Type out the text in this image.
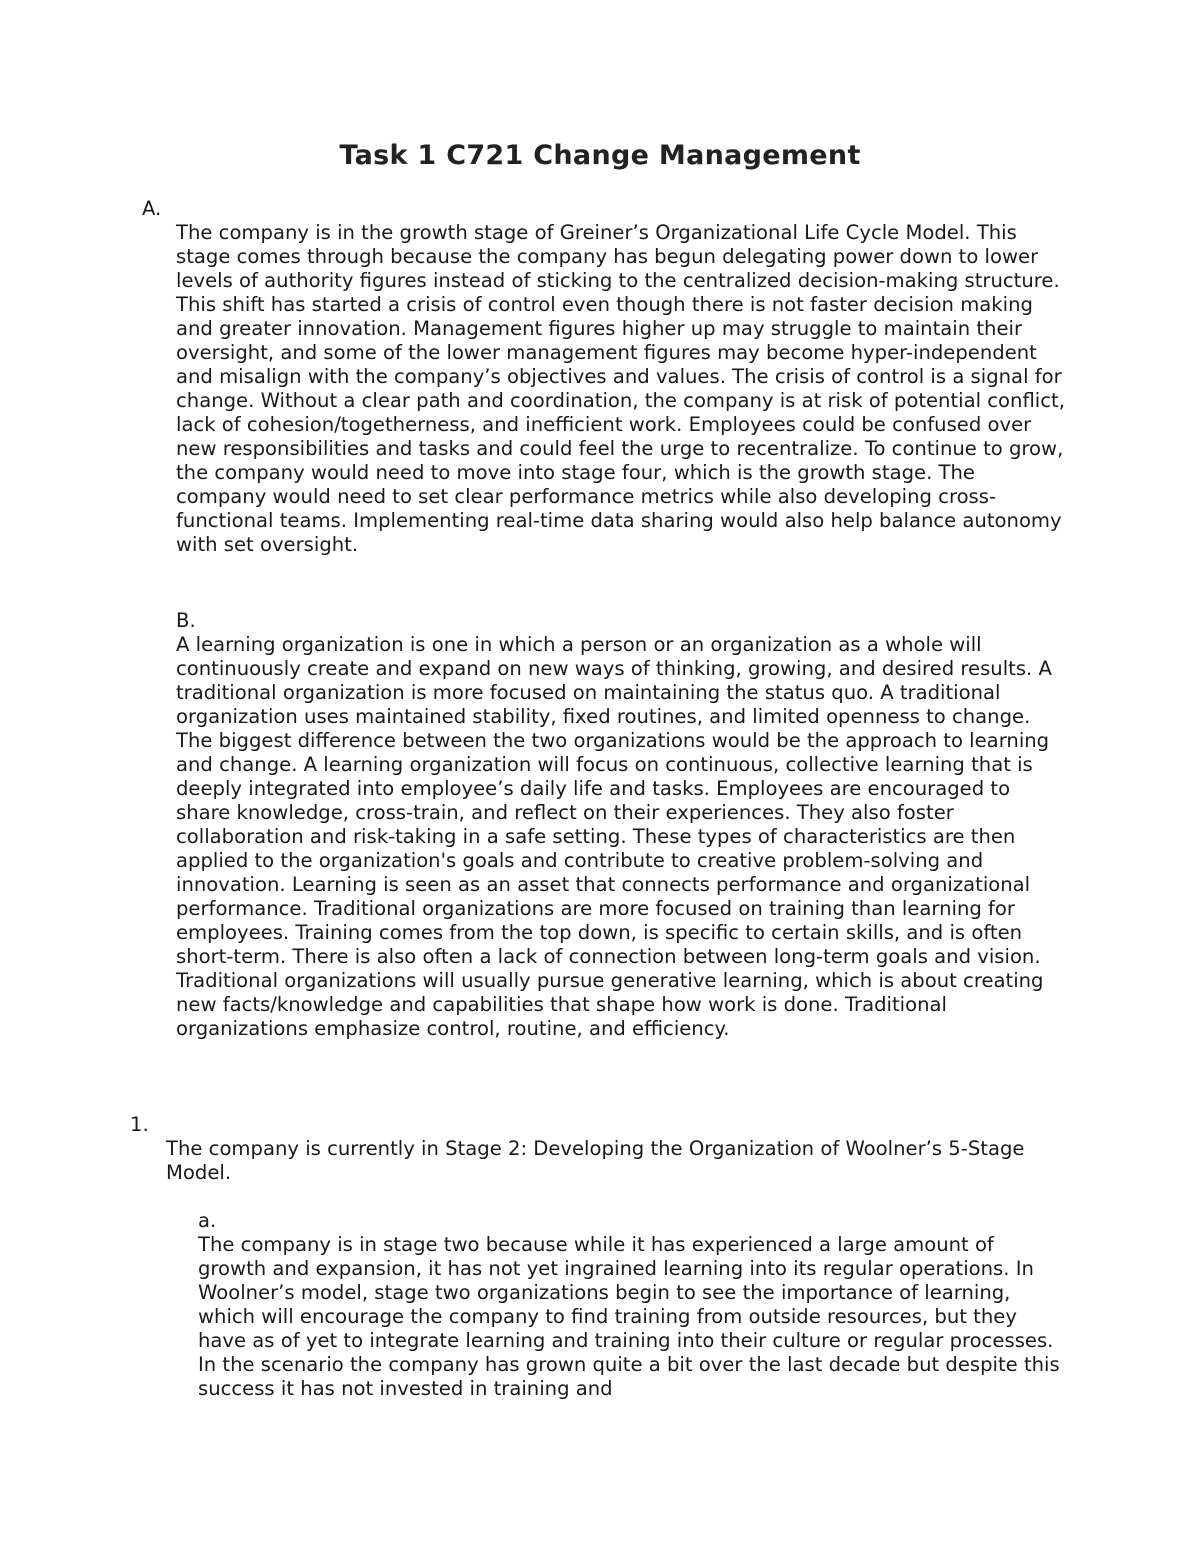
Task 1 C721 Change Management
A.

The company is in the growth stage of Greiner’s Organizational Life Cycle Model. This stage comes through because the company has begun delegating power down to lower levels of authority figures instead of sticking to the centralized decision-making structure. This shift has started a crisis of control even though there is not faster decision making and greater innovation. Management figures higher up may struggle to maintain their oversight, and some of the lower management figures may become hyper-independent and misalign with the company’s objectives and values. The crisis of control is a signal for change. Without a clear path and coordination, the company is at risk of potential conflict, lack of cohesion/togetherness, and inefficient work. Employees could be confused over new responsibilities and tasks and could feel the urge to recentralize. To continue to grow, the company would need to move into stage four, which is the growth stage. The company would need to set clear performance metrics while also developing cross-functional teams. Implementing real-time data sharing would also help balance autonomy with set oversight.

B.

A learning organization is one in which a person or an organization as a whole will continuously create and expand on new ways of thinking, growing, and desired results. A traditional organization is more focused on maintaining the status quo. A traditional organization uses maintained stability, fixed routines, and limited openness to change. The biggest difference between the two organizations would be the approach to learning and change. A learning organization will focus on continuous, collective learning that is deeply integrated into employee’s daily life and tasks. Employees are encouraged to share knowledge, cross-train, and reflect on their experiences. They also foster collaboration and risk-taking in a safe setting. These types of characteristics are then applied to the organization's goals and contribute to creative problem-solving and innovation. Learning is seen as an asset that connects performance and organizational performance. Traditional organizations are more focused on training than learning for employees. Training comes from the top down, is specific to certain skills, and is often short-term. There is also often a lack of connection between long-term goals and vision. Traditional organizations will usually pursue generative learning, which is about creating new facts/knowledge and capabilities that shape how work is done. Traditional organizations emphasize control, routine, and efficiency.

1.

The company is currently in Stage 2: Developing the Organization of Woolner’s 5-Stage Model.

a.

The company is in stage two because while it has experienced a large amount of growth and expansion, it has not yet ingrained learning into its regular operations. In Woolner’s model, stage two organizations begin to see the importance of learning, which will encourage the company to find training from outside resources, but they have as of yet to integrate learning and training into their culture or regular processes. In the scenario the company has grown quite a bit over the last decade but despite this success it has not invested in training and
